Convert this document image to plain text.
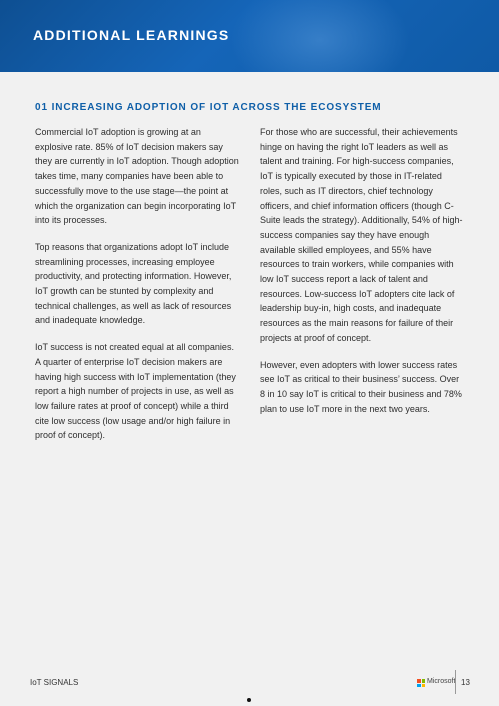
ADDITIONAL LEARNINGS
01 INCREASING ADOPTION OF IOT ACROSS THE ECOSYSTEM

Commercial IoT adoption is growing at an explosive rate. 85% of IoT decision makers say they are currently in IoT adoption. Though adoption takes time, many companies have been able to successfully move to the use stage—the point at which the organization can begin incorporating IoT into its processes.

Top reasons that organizations adopt IoT include streamlining processes, increasing employee productivity, and protecting information. However, IoT growth can be stunted by complexity and technical challenges, as well as lack of resources and inadequate knowledge.

IoT success is not created equal at all companies. A quarter of enterprise IoT decision makers are having high success with IoT implementation (they report a high number of projects in use, as well as low failure rates at proof of concept) while a third cite low success (low usage and/or high failure in proof of concept).

For those who are successful, their achievements hinge on having the right IoT leaders as well as talent and training. For high-success companies, IoT is typically executed by those in IT-related roles, such as IT directors, chief technology officers, and chief information officers (though C-Suite leads the strategy). Additionally, 54% of high-success companies say they have enough available skilled employees, and 55% have resources to train workers, while companies with low IoT success report a lack of talent and resources. Low-success IoT adopters cite lack of leadership buy-in, high costs, and inadequate resources as the main reasons for failure of their projects at proof of concept.

However, even adopters with lower success rates see IoT as critical to their business’ success. Over 8 in 10 say IoT is critical to their business and 78% plan to use IoT more in the next two years.

IoT SIGNALS	Microsoft 13
